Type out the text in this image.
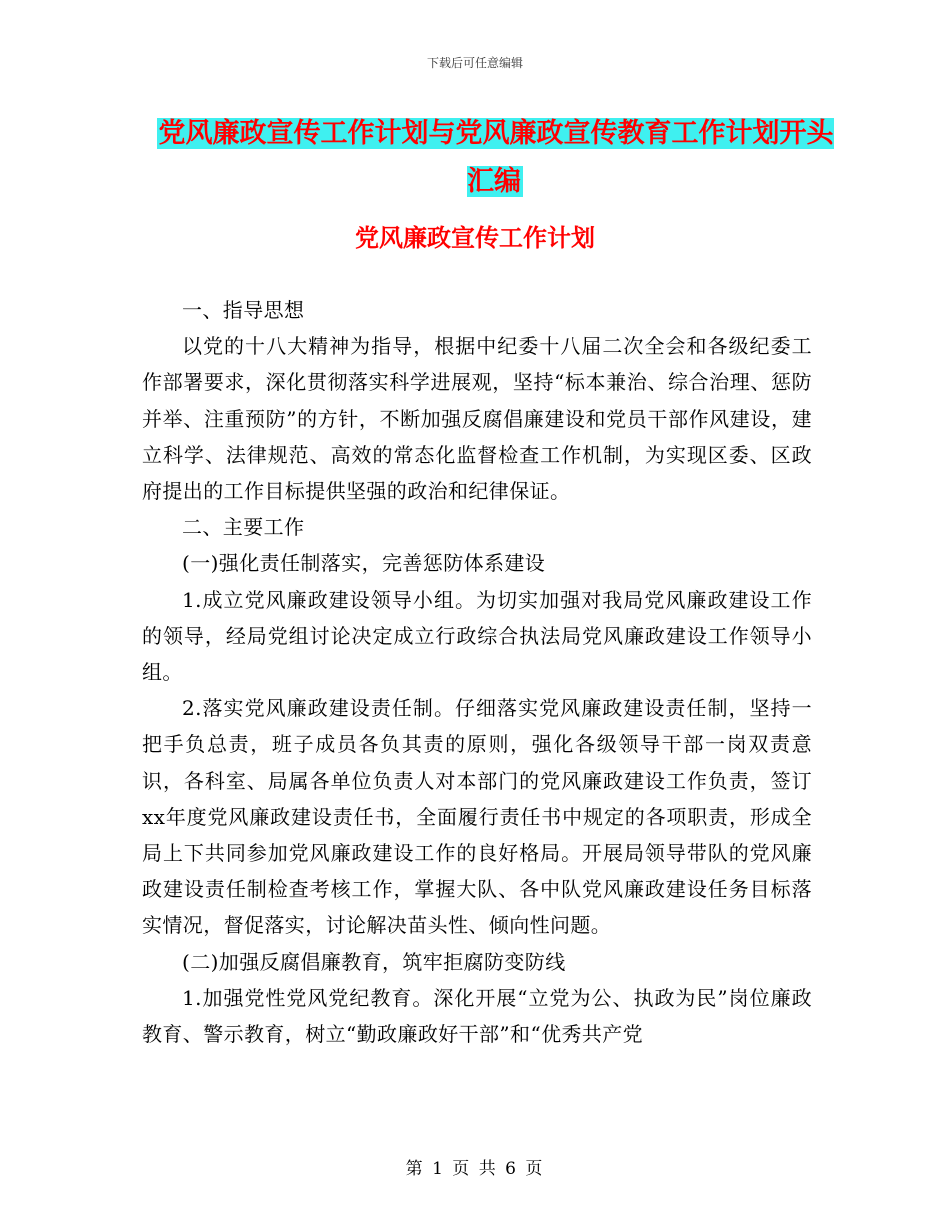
下载后可任意编辑
党风廉政宣传工作计划与党风廉政宣传教育工作计划开头汇编
党风廉政宣传工作计划

一、指导思想

以党的十八大精神为指导，根据中纪委十八届二次全会和各级纪委工作部署要求，深化贯彻落实科学进展观，坚持“标本兼治、综合治理、惩防并举、注重预防”的方针，不断加强反腐倡廉建设和党员干部作风建设，建立科学、法律规范、高效的常态化监督检查工作机制，为实现区委、区政府提出的工作目标提供坚强的政治和纪律保证。

二、主要工作

(一)强化责任制落实，完善惩防体系建设

1.成立党风廉政建设领导小组。为切实加强对我局党风廉政建设工作的领导，经局党组讨论决定成立行政综合执法局党风廉政建设工作领导小组。

2.落实党风廉政建设责任制。仔细落实党风廉政建设责任制，坚持一把手负总责，班子成员各负其责的原则，强化各级领导干部一岗双责意识，各科室、局属各单位负责人对本部门的党风廉政建设工作负责，签订xx年度党风廉政建设责任书，全面履行责任书中规定的各项职责，形成全局上下共同参加党风廉政建设工作的良好格局。开展局领导带队的党风廉政建设责任制检查考核工作，掌握大队、各中队党风廉政建设任务目标落实情况，督促落实，讨论解决苗头性、倾向性问题。

(二)加强反腐倡廉教育，筑牢拒腐防变防线

1.加强党性党风党纪教育。深化开展“立党为公、执政为民”岗位廉政教育、警示教育，树立“勤政廉政好干部”和“优秀共产党

第 1 页 共 6 页
